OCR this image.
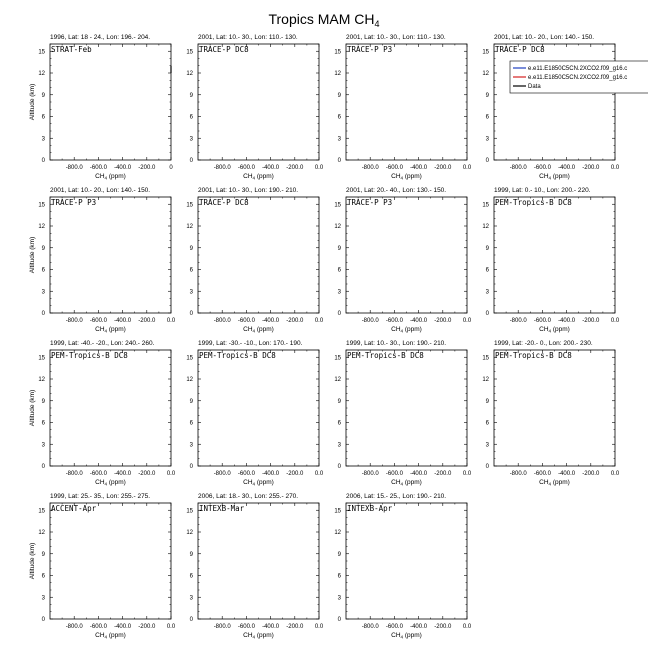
Tropics MAM $CH_4$
1996, Lat: 18 - 24., Lon: 196.- 204.
0
3
6
9
12
15
-800.0 -600.0 -400.0 -200.0 0
$CH_4$ (ppm)
Altitude (km)
STRAT-Feb
2001, Lat: 10.- 30., Lon: 110.- 130.
0
3
6
9
12
15
-800.0 -600.0 -400.0 -200.0 0.0
$CH_4$ (ppm)
TRACE-P DC8
2001, Lat: 10.- 30., Lon: 110.- 130.
0
3
6
9
12
15
-800.0 -600.0 -400.0 -200.0 0.0
$CH_4$ (ppm)
TRACE-P P3
2001, Lat: 10.- 20., Lon: 140.- 150.
0
3
6
9
12
15
-800.0 -600.0 -400.0 -200.0 0.0
$CH_4$ (ppm)
TRACE-P DC8
e.e11.E1850C5CN.2XCO2.f09_g16.c
e.e11.E1850C5CN.2XCO2.f09_g16.c
Data
2001, Lat: 10.- 20., Lon: 140.- 150.
0
3
6
9
12
15
-800.0 -600.0 -400.0 -200.0 0.0
$CH_4$ (ppm)
Altitude (km)
TRACE-P P3
2001, Lat: 10.- 30., Lon: 190.- 210.
0
3
6
9
12
15
-800.0 -600.0 -400.0 -200.0 0.0
$CH_4$ (ppm)
TRACE-P DC8
2001, Lat: 20.- 40., Lon: 130.- 150.
0
3
6
9
12
15
-800.0 -600.0 -400.0 -200.0 0.0
$CH_4$ (ppm)
TRACE-P P3
1999, Lat: 0.- 10., Lon: 200.- 220.
0
3
6
9
12
15
-800.0 -600.0 -400.0 -200.0 0.0
$CH_4$ (ppm)
PEM-Tropics-B DC8
1999, Lat: -40.- -20., Lon: 240.- 260.
0
3
6
9
12
15
-800.0 -600.0 -400.0 -200.0 0.0
$CH_4$ (ppm)
Altitude (km)
PEM-Tropics-B DC8
1999, Lat: -30.- -10., Lon: 170.- 190.
0
3
6
9
12
15
-800.0 -600.0 -400.0 -200.0 0.0
$CH_4$ (ppm)
PEM-Tropics-B DC8
1999, Lat: 10.- 30., Lon: 190.- 210.
0
3
6
9
12
15
-800.0 -600.0 -400.0 -200.0 0.0
$CH_4$ (ppm)
PEM-Tropics-B DC8
1999, Lat: -20.- 0., Lon: 200.- 230.
0
3
6
9
12
15
-800.0 -600.0 -400.0 -200.0 0.0
$CH_4$ (ppm)
PEM-Tropics-B DC8
1999, Lat: 25.- 35., Lon: 255.- 275.
0
3
6
9
12
15
-800.0 -600.0 -400.0 -200.0 0.0
$CH_4$ (ppm)
Altitude (km)
ACCENT-Apr
2006, Lat: 18.- 30., Lon: 255.- 270.
0
3
6
9
12
15
-800.0 -600.0 -400.0 -200.0 0.0
$CH_4$ (ppm)
INTEXB-Mar
2006, Lat: 15.- 25., Lon: 190.- 210.
0
3
6
9
12
15
-800.0 -600.0 -400.0 -200.0 0.0
$CH_4$ (ppm)
INTEXB-Apr
